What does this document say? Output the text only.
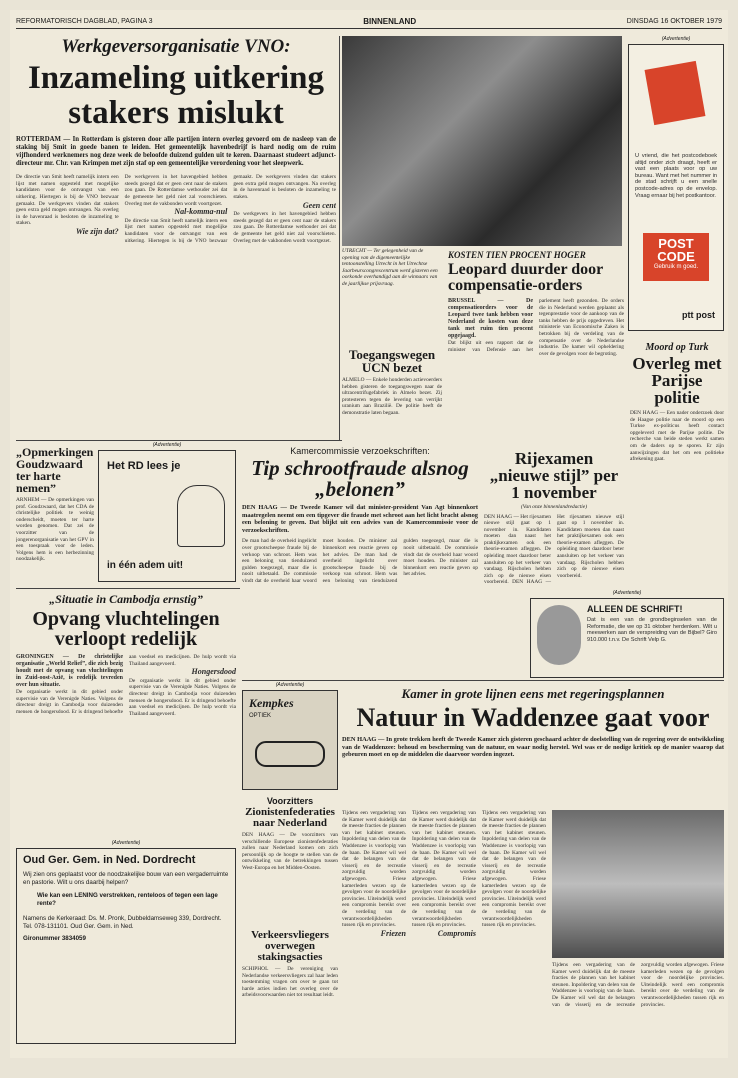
REFORMATORISCH DAGBLAD, PAGINA 3	BINNENLAND	DINSDAG 16 OKTOBER 1979
Werkgeversorganisatie VNO:
Inzameling uitkering stakers mislukt
ROTTERDAM — In Rotterdam is gisteren door alle partijen intern overleg gevoerd om de nasleep van de staking bij Smit in goede banen te leiden. Het gemeentelijk havenbedrijf is hard nodig om de ruim vijfhonderd werknemers nog deze week de beloofde duizend gulden uit te keren. Daarnaast studeert adjunct-directeur mr. Chr. van Krimpen met zijn staf op een gemeentelijke verordening voor het sleepwerk.
De directie van Smit heeft namelijk intern een lijst met namen opgesteld met mogelijke kandidaten voor de ontvangst van een uitkering. Hiertegen is bij de VNO bezwaar gemaakt. De werkgevers vinden dat stakers geen extra geld mogen ontvangen. Na overleg in de havenraad is besloten de inzameling te staken.
Wie zijn dat?
De werkgevers in het havengebied hebben steeds gezegd dat er geen cent naar de stakers zou gaan. De Rotterdamse wethouder zei dat de gemeente het geld niet zal voorschieten. Overleg met de vakbonden wordt voortgezet.
Nal-komma-nul
De directie van Smit heeft namelijk intern een lijst met namen opgesteld met mogelijke kandidaten voor de ontvangst van een uitkering. Hiertegen is bij de VNO bezwaar gemaakt. De werkgevers vinden dat stakers geen extra geld mogen ontvangen. Na overleg in de havenraad is besloten de inzameling te staken.
Geen cent
De werkgevers in het havengebied hebben steeds gezegd dat er geen cent naar de stakers zou gaan. De Rotterdamse wethouder zei dat de gemeente het geld niet zal voorschieten. Overleg met de vakbonden wordt voortgezet.
UTRECHT — Ter gelegenheid van de opening van de digemeentelijke tentoonstelling Utrecht in het Utrechtse Jaarbeurscongrescentrum werd gisteren een oorkonde overhandigd aan de winnaars van de jaarlijkse prijsvraag.
(Advertentie)
U vriend, die het postcodeboek altijd onder zich draagt, heeft er vast een plaats voor op uw bureau. Want met het nummer in de stad schrijft u een snelle postcode-adres op de envelop. Vraag ernaar bij het postkantoor.
POST
CODE
Gebruik m goed.
ptt post
KOSTEN TIEN PROCENT HOGER
Leopard duurder door compensatie-orders
BRUSSEL — De compensatieorders voor de Leopard twee tank hebben voor Nederland de kosten van deze tank met ruim tien procent opgejaagd.
Dat blijkt uit een rapport dat de minister van Defensie aan het parlement heeft gezonden. De orders die in Nederland werden geplaatst als tegenprestatie voor de aankoop van de tanks hebben de prijs opgedreven. Het ministerie van Economische Zaken is betrokken bij de verdeling van de compensatie over de Nederlandse industrie. De kamer wil opheldering over de gevolgen voor de begroting.
Moord op Turk
Overleg met Parijse politie
DEN HAAG — Een nader onderzoek door de Haagse politie naar de moord op een Turkse ex-politicus heeft contact opgeleverd met de Parijse politie. De recherche van beide steden werkt samen om de daders op te sporen. Er zijn aanwijzingen dat het om een politieke afrekening gaat.
Toegangswegen UCN bezet
ALMELO — Enkele honderden actievoerders hebben gisteren de toegangswegen naar de ultracentrifugefabriek in Almelo bezet. Zij protesteren tegen de levering van verrijkt uranium aan Brazilië. De politie heeft de demonstratie laten begaan.
(Advertentie)
Het RD lees je
in één adem uit!
„Opmerkingen Goudzwaard ter harte nemen”
ARNHEM — De opmerkingen van prof. Goudzwaard, dat het CDA de christelijke politiek te weinig onderscheidt, moeten ter harte worden genomen. Dat zei de voorzitter van de jongerenorganisatie van het GPV in een toespraak voor de leden. Volgens hem is een herbezinning noodzakelijk.
Kamercommissie verzoekschriften:
Tip schrootfraude alsnog „belonen”
DEN HAAG — De Tweede Kamer wil dat minister-president Van Agt binnenkort maatregelen neemt om een tipgever die fraude met schroot aan het licht bracht alsnog een beloning te geven. Dat blijkt uit een advies van de Kamercommissie voor de verzoekschriften.
De man had de overheid ingelicht over grootscheepse fraude bij de verkoop van schroot. Hem was een beloning van tienduizend gulden toegezegd, maar die is nooit uitbetaald. De commissie vindt dat de overheid haar woord moet houden. De minister zal binnenkort een reactie geven op het advies. De man had de overheid ingelicht over grootscheepse fraude bij de verkoop van schroot. Hem was een beloning van tienduizend gulden toegezegd, maar die is nooit uitbetaald. De commissie vindt dat de overheid haar woord moet houden. De minister zal binnenkort een reactie geven op het advies.
Rijexamen „nieuwe stijl” per 1 november
(Van onze binnenlandredactie)
DEN HAAG — Het rijexamen nieuwe stijl gaat op 1 november in. Kandidaten moeten dan naast het praktijkexamen ook een theorie-examen afleggen. De opleiding moet daardoor beter aansluiten op het verkeer van vandaag. Rijscholen hebben zich op de nieuwe eisen voorbereid. DEN HAAG — Het rijexamen nieuwe stijl gaat op 1 november in. Kandidaten moeten dan naast het praktijkexamen ook een theorie-examen afleggen. De opleiding moet daardoor beter aansluiten op het verkeer van vandaag. Rijscholen hebben zich op de nieuwe eisen voorbereid.
(Advertentie)
ALLEEN DE SCHRIFT!
Dat is een van de grondbeginselen van de Reformatie, die we op 31 oktober herdenken. Wilt u meewerken aan de verspreiding van de Bijbel? Giro 910.000 t.n.v. De Schrift Velp G.
„Situatie in Cambodja ernstig”
Opvang vluchtelingen verloopt redelijk
GRONINGEN — De christelijke organisatie „World Relief”, die zich bezig houdt met de opvang van vluchtelingen in Zuid-oost-Azië, is redelijk tevreden over hun situatie.
De organisatie werkt in dit gebied onder supervisie van de Verenigde Naties. Volgens de directeur dreigt in Cambodja voor duizenden mensen de hongersdood. Er is dringend behoefte aan voedsel en medicijnen. De hulp wordt via Thailand aangevoerd.
Hongersdood
De organisatie werkt in dit gebied onder supervisie van de Verenigde Naties. Volgens de directeur dreigt in Cambodja voor duizenden mensen de hongersdood. Er is dringend behoefte aan voedsel en medicijnen. De hulp wordt via Thailand aangevoerd.
(Advertentie)
Kempkes
OPTIEK
Kamer in grote lijnen eens met regeringsplannen
Natuur in Waddenzee gaat voor
DEN HAAG — In grote trekken heeft de Tweede Kamer zich gisteren geschaard achter de doelstelling van de regering over de ontwikkeling van de Waddenzee: behoud en bescherming van de natuur, en waar nodig herstel. Wel was er de nodige kritiek op de manier waarop dat gebeuren moet en op de middelen die daarvoor worden ingezet.
Tijdens een vergadering van de Kamer werd duidelijk dat de meeste fracties de plannen van het kabinet steunen. Inpoldering van delen van de Waddenzee is voorlopig van de baan. De Kamer wil wel dat de belangen van de visserij en de recreatie zorgvuldig worden afgewogen. Friese kamerleden wezen op de gevolgen voor de noordelijke provincies. Uiteindelijk werd een compromis bereikt over de verdeling van de verantwoordelijkheden tussen rijk en provincies.
Friezen
Tijdens een vergadering van de Kamer werd duidelijk dat de meeste fracties de plannen van het kabinet steunen. Inpoldering van delen van de Waddenzee is voorlopig van de baan. De Kamer wil wel dat de belangen van de visserij en de recreatie zorgvuldig worden afgewogen. Friese kamerleden wezen op de gevolgen voor de noordelijke provincies. Uiteindelijk werd een compromis bereikt over de verdeling van de verantwoordelijkheden tussen rijk en provincies.
Compromis
Tijdens een vergadering van de Kamer werd duidelijk dat de meeste fracties de plannen van het kabinet steunen. Inpoldering van delen van de Waddenzee is voorlopig van de baan. De Kamer wil wel dat de belangen van de visserij en de recreatie zorgvuldig worden afgewogen. Friese kamerleden wezen op de gevolgen voor de noordelijke provincies. Uiteindelijk werd een compromis bereikt over de verdeling van de verantwoordelijkheden tussen rijk en provincies.
Tijdens een vergadering van de Kamer werd duidelijk dat de meeste fracties de plannen van het kabinet steunen. Inpoldering van delen van de Waddenzee is voorlopig van de baan. De Kamer wil wel dat de belangen van de visserij en de recreatie zorgvuldig worden afgewogen. Friese kamerleden wezen op de gevolgen voor de noordelijke provincies. Uiteindelijk werd een compromis bereikt over de verdeling van de verantwoordelijkheden tussen rijk en provincies.
Voorzitters
Zionistenfederaties naar Nederland
DEN HAAG — De voorzitters van verschillende Europese zionistenfederaties zullen naar Nederland komen om zich persoonlijk op de hoogte te stellen van de ontwikkeling van de betrekkingen tussen West-Europa en het Midden-Oosten.
Verkeersvliegers overwegen stakingsacties
SCHIPHOL — De vereniging van Nederlandse verkeersvliegers zal haar leden toestemming vragen om over te gaan tot harde acties indien het overleg over de arbeidsvoorwaarden niet tot resultaat leidt.
(Advertentie)
Oud Ger. Gem. in Ned. Dordrecht
Wij zien ons geplaatst voor de noodzakelijke bouw van een vergaderruimte en pastorie. Wilt u ons daarbij helpen?
Wie kan een LENING verstrekken, renteloos of tegen een lage rente?
Namens de Kerkeraad: Ds. M. Pronk, Dubbeldamseweg 339, Dordrecht. Tel. 078-131101. Oud Ger. Gem. in Ned.
Gironummer 3834059
